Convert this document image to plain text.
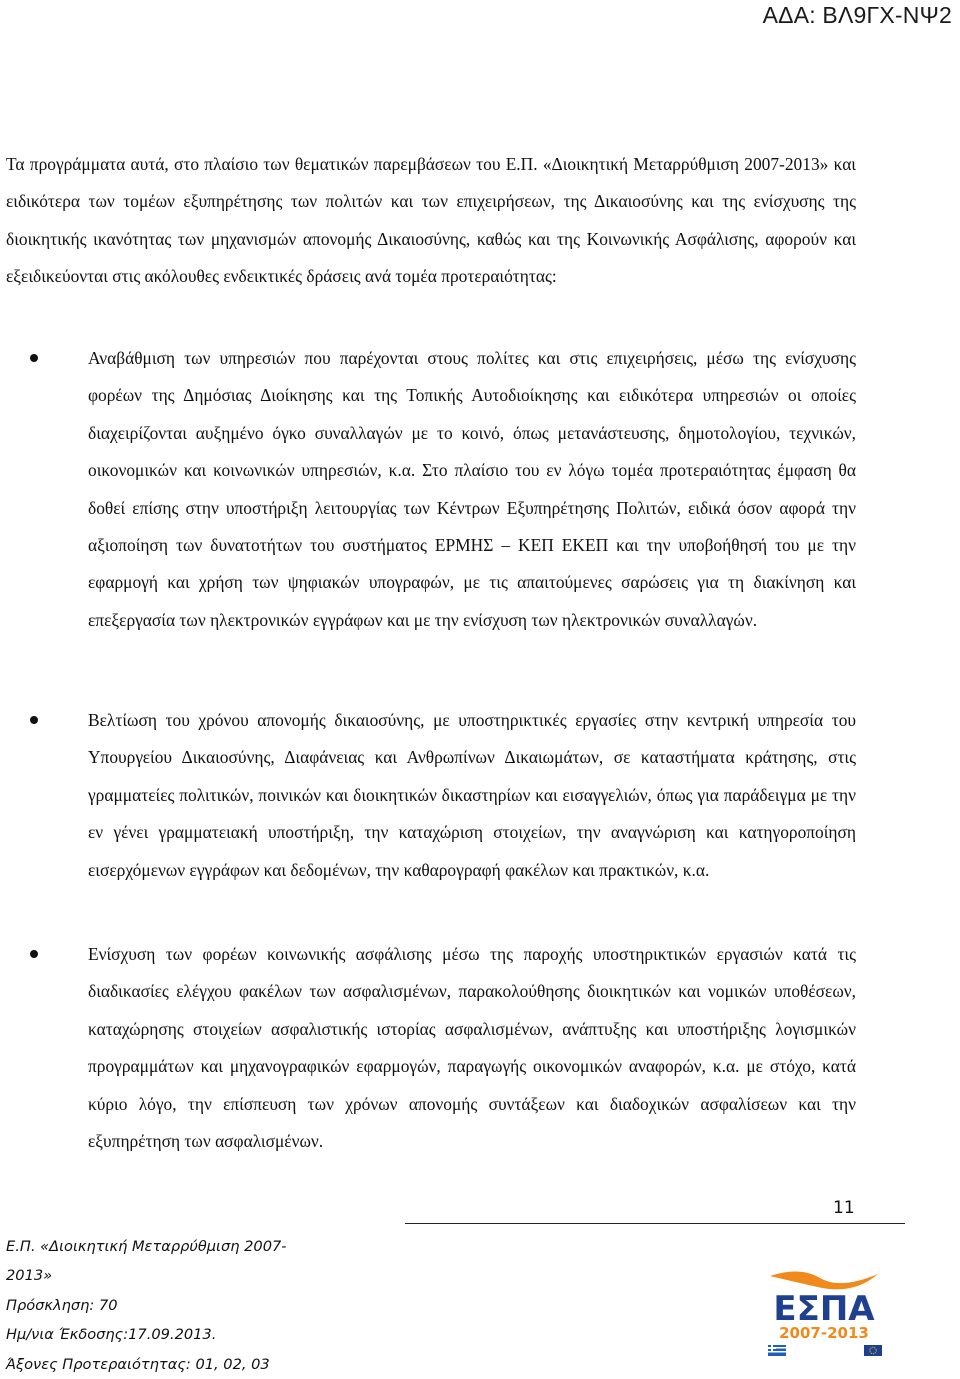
ΑΔΑ: ΒΛ9ΓΧ-ΝΨ2
Τα προγράμματα αυτά, στο πλαίσιο των θεματικών παρεμβάσεων του Ε.Π. «Διοικητική Μεταρρύθμιση 2007-2013» και ειδικότερα των τομέων εξυπηρέτησης των πολιτών και των επιχειρήσεων, της Δικαιοσύνης και της ενίσχυσης της διοικητικής ικανότητας των μηχανισμών απονομής Δικαιοσύνης, καθώς και της Κοινωνικής Ασφάλισης, αφορούν και εξειδικεύονται στις ακόλουθες ενδεικτικές δράσεις ανά τομέα προτεραιότητας:
Αναβάθμιση των υπηρεσιών που παρέχονται στους πολίτες και στις επιχειρήσεις, μέσω της ενίσχυσης φορέων της Δημόσιας Διοίκησης και της Τοπικής Αυτοδιοίκησης και ειδικότερα υπηρεσιών οι οποίες διαχειρίζονται αυξημένο όγκο συναλλαγών με το κοινό, όπως μετανάστευσης, δημοτολογίου, τεχνικών, οικονομικών και κοινωνικών υπηρεσιών, κ.α. Στο πλαίσιο του εν λόγω τομέα προτεραιότητας έμφαση θα δοθεί επίσης στην υποστήριξη λειτουργίας των Κέντρων Εξυπηρέτησης Πολιτών, ειδικά όσον αφορά την αξιοποίηση των δυνατοτήτων του συστήματος ΕΡΜΗΣ – ΚΕΠ ΕΚΕΠ και την υποβοήθησή του με την εφαρμογή και χρήση των ψηφιακών υπογραφών, με τις απαιτούμενες σαρώσεις για τη διακίνηση και επεξεργασία των ηλεκτρονικών εγγράφων και με την ενίσχυση των ηλεκτρονικών συναλλαγών.
Βελτίωση του χρόνου απονομής δικαιοσύνης, με υποστηρικτικές εργασίες στην κεντρική υπηρεσία του Υπουργείου Δικαιοσύνης, Διαφάνειας και Ανθρωπίνων Δικαιωμάτων, σε καταστήματα κράτησης, στις γραμματείες πολιτικών, ποινικών και διοικητικών δικαστηρίων και εισαγγελιών, όπως για παράδειγμα με την εν γένει γραμματειακή υποστήριξη, την καταχώριση στοιχείων, την αναγνώριση και κατηγοροποίηση εισερχόμενων εγγράφων και δεδομένων, την καθαρογραφή φακέλων και πρακτικών, κ.α.
Ενίσχυση των φορέων κοινωνικής ασφάλισης μέσω της παροχής υποστηρικτικών εργασιών κατά τις διαδικασίες ελέγχου φακέλων των ασφαλισμένων, παρακολούθησης διοικητικών και νομικών υποθέσεων, καταχώρησης στοιχείων ασφαλιστικής ιστορίας ασφαλισμένων, ανάπτυξης και υποστήριξης λογισμικών προγραμμάτων και μηχανογραφικών εφαρμογών, παραγωγής οικονομικών αναφορών, κ.α. με στόχο, κατά κύριο λόγο, την επίσπευση των χρόνων απονομής συντάξεων και διαδοχικών ασφαλίσεων και την εξυπηρέτηση των ασφαλισμένων.
11
Ε.Π. «Διοικητική Μεταρρύθμιση 2007-
2013»
Πρόσκληση: 70
Ημ/νια Έκδοσης:17.09.2013.
Άξονες Προτεραιότητας: 01, 02, 03
ΕΣΠΑ
2007-2013
